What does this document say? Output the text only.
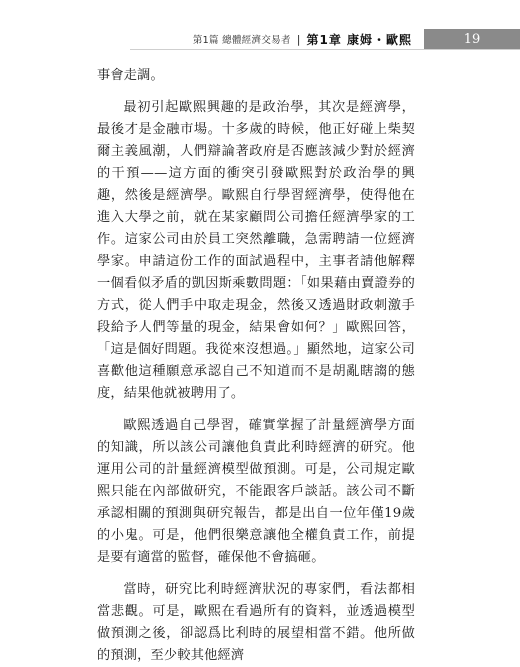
第1篇 總體經濟交易者 | 第1章 康姆・歐熙	19

事會走調。

最初引起歐熙興趣的是政治學，其次是經濟學，最後才是金融市場。十多歲的時候，他正好碰上柴契爾主義風潮，人們辯論著政府是否應該減少對於經濟的干預——這方面的衝突引發歐熙對於政治學的興趣，然後是經濟學。歐熙自行學習經濟學，使得他在進入大學之前，就在某家顧問公司擔任經濟學家的工作。這家公司由於員工突然離職，急需聘請一位經濟學家。申請這份工作的面試過程中，主事者請他解釋一個看似矛盾的凱因斯乘數問題：「如果藉由賣證券的方式，從人們手中取走現金，然後又透過財政刺激手段給予人們等量的現金，結果會如何？」歐熙回答，「這是個好問題。我從來沒想過。」顯然地，這家公司喜歡他這種願意承認自己不知道而不是胡亂瞎謅的態度，結果他就被聘用了。

歐熙透過自己學習，確實掌握了計量經濟學方面的知識，所以該公司讓他負責此利時經濟的研究。他運用公司的計量經濟模型做預測。可是，公司規定歐熙只能在內部做研究，不能跟客戶談話。該公司不斷承認相關的預測與研究報告，都是出自一位年僅19歲的小鬼。可是，他們很樂意讓他全權負責工作，前提是要有適當的監督，確保他不會搞砸。

當時，研究比利時經濟狀況的專家們，看法都相當悲觀。可是，歐熙在看過所有的資料，並透過模型做預測之後，卻認爲比利時的展望相當不錯。他所做的預測，至少較其他經濟
